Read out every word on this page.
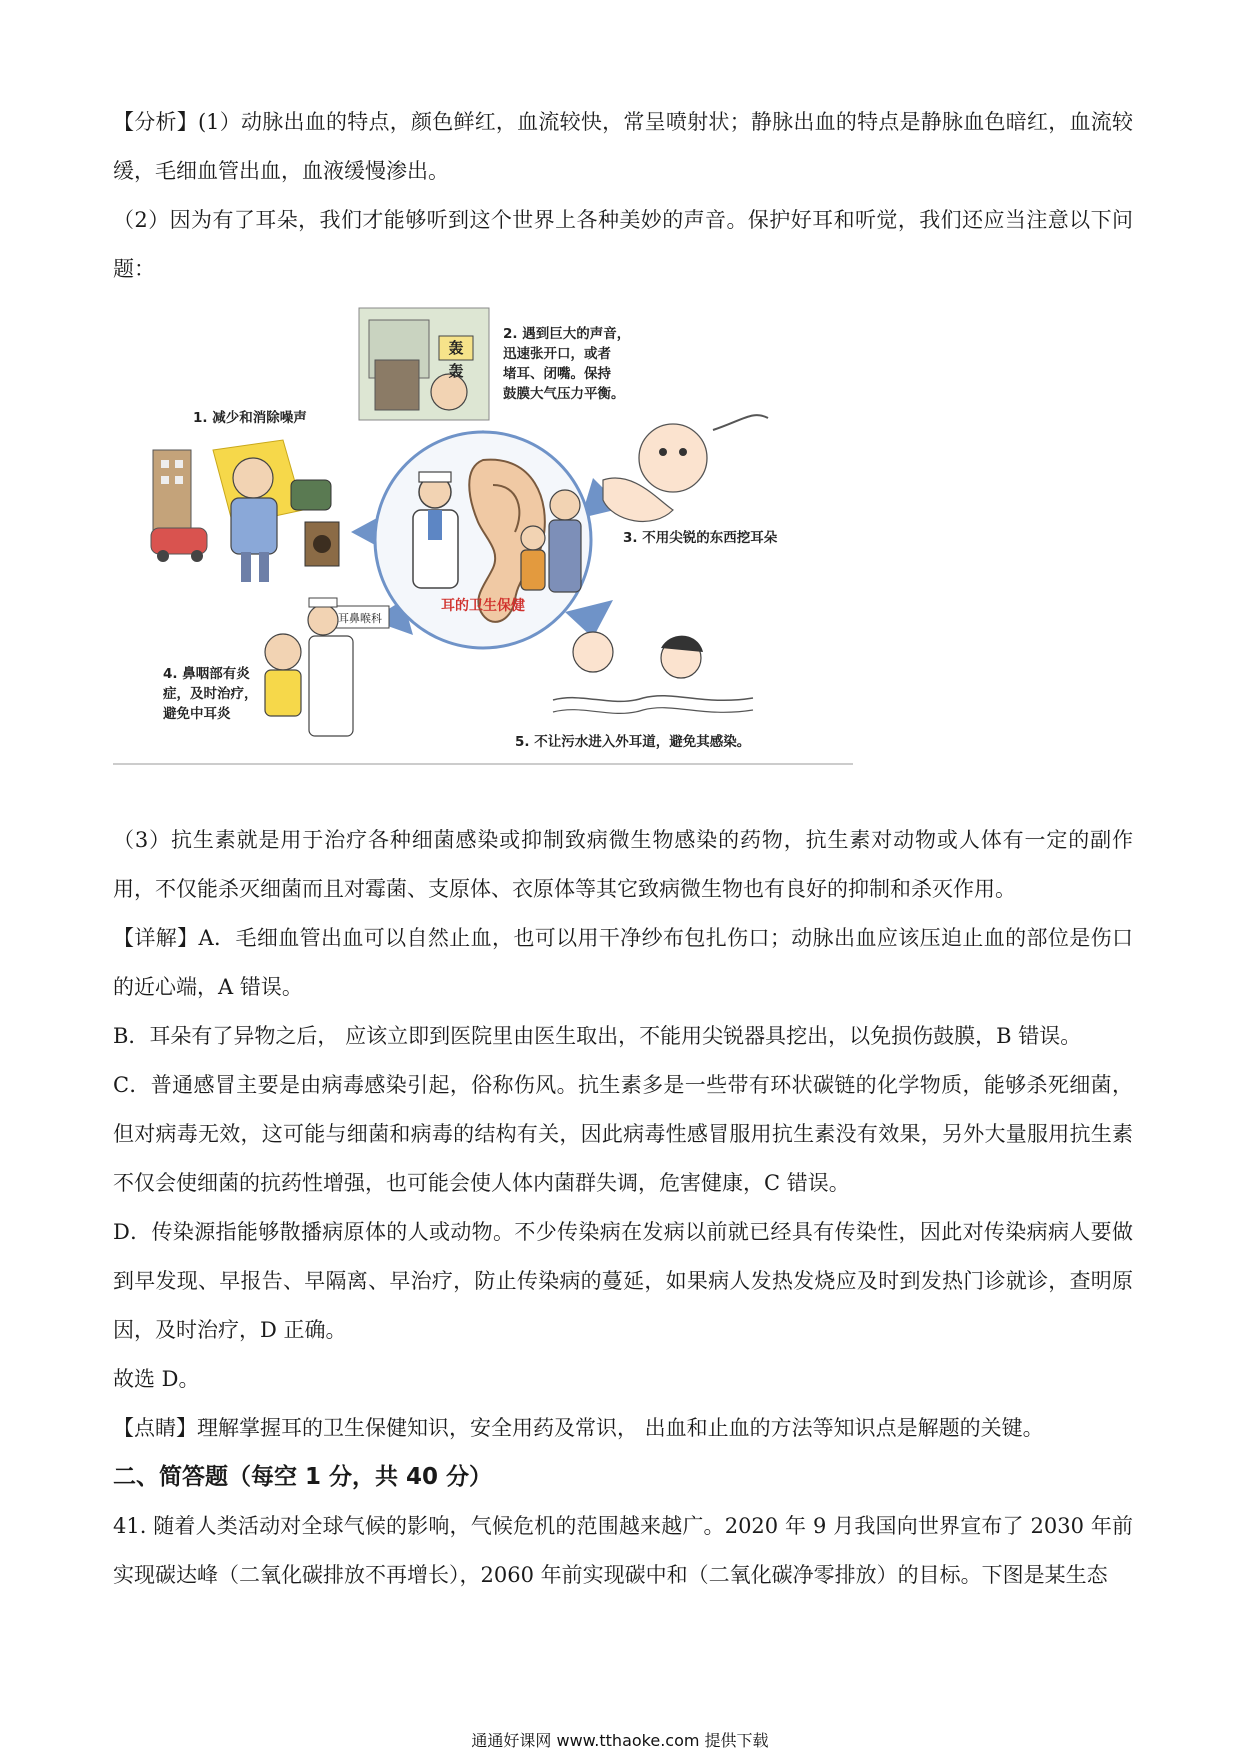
【分析】(1）动脉出血的特点，颜色鲜红，血流较快，常呈喷射状；静脉出血的特点是静脉血色暗红，血流较缓，毛细血管出血，血液缓慢渗出。

（2）因为有了耳朵，我们才能够听到这个世界上各种美妙的声音。保护好耳和听觉，我们还应当注意以下问题：

耳的卫生保健
轰
轰
2. 遇到巨大的声音，
迅速张开口，或者
堵耳、闭嘴。保持
鼓膜大气压力平衡。
1. 减少和消除噪声
3. 不用尖锐的东西挖耳朵
4. 鼻咽部有炎
症，及时治疗，
避免中耳炎
耳鼻喉科
5. 不让污水进入外耳道，避免其感染。

（3）抗生素就是用于治疗各种细菌感染或抑制致病微生物感染的药物，抗生素对动物或人体有一定的副作用，不仅能杀灭细菌而且对霉菌、支原体、衣原体等其它致病微生物也有良好的抑制和杀灭作用。

【详解】A．毛细血管出血可以自然止血，也可以用干净纱布包扎伤口；动脉出血应该压迫止血的部位是伤口的近心端，A 错误。

B．耳朵有了异物之后， 应该立即到医院里由医生取出，不能用尖锐器具挖出，以免损伤鼓膜，B 错误。

C．普通感冒主要是由病毒感染引起，俗称伤风。抗生素多是一些带有环状碳链的化学物质，能够杀死细菌，但对病毒无效，这可能与细菌和病毒的结构有关，因此病毒性感冒服用抗生素没有效果，另外大量服用抗生素不仅会使细菌的抗药性增强，也可能会使人体内菌群失调，危害健康，C 错误。

D．传染源指能够散播病原体的人或动物。不少传染病在发病以前就已经具有传染性，因此对传染病病人要做到早发现、早报告、早隔离、早治疗，防止传染病的蔓延，如果病人发热发烧应及时到发热门诊就诊，查明原因，及时治疗，D 正确。

故选 D。

【点睛】理解掌握耳的卫生保健知识，安全用药及常识， 出血和止血的方法等知识点是解题的关键。

二、简答题（每空 1 分，共 40 分）

41. 随着人类活动对全球气候的影响，气候危机的范围越来越广。2020 年 9 月我国向世界宣布了 2030 年前实现碳达峰（二氧化碳排放不再增长），2060 年前实现碳中和（二氧化碳净零排放）的目标。下图是某生态

通通好课网 www.tthaoke.com 提供下载
